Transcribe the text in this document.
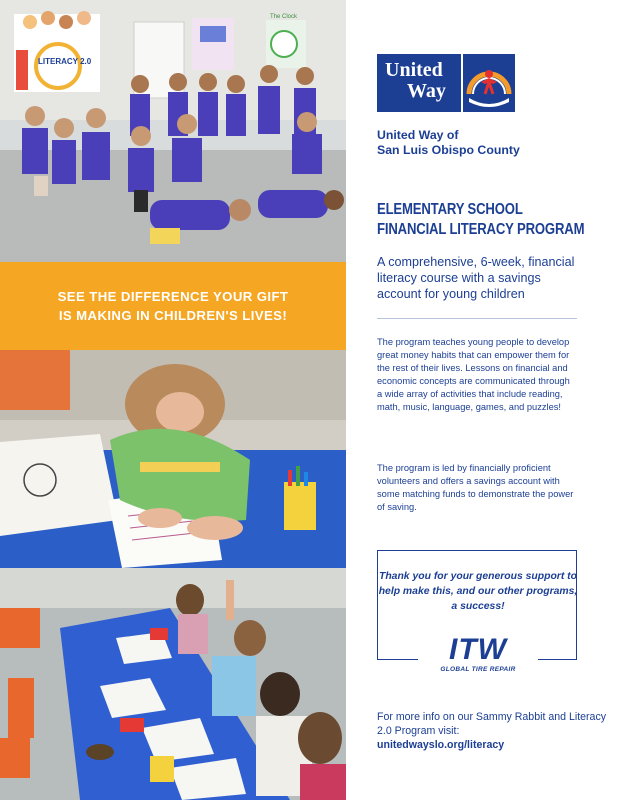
The Clock
LITERACY 2.0
SEE THE DIFFERENCE YOUR GIFT
IS MAKING IN CHILDREN'S LIVES!
United
Way
United Way of
San Luis Obispo County
ELEMENTARY SCHOOL
FINANCIAL LITERACY PROGRAM
A comprehensive, 6-week, financial literacy course with a savings account for young children
The program teaches young people to develop great money habits that can empower them for the rest of their lives. Lessons on financial and economic concepts are communicated through a wide array of activities that include reading, math, music, language, games, and puzzles!
The program is led by financially proficient volunteers and offers a savings account with some matching funds to demonstrate the power of saving.
Thank you for your generous support to help make this, and our other programs, a success!
ITW
GLOBAL TIRE REPAIR
For more info on our Sammy Rabbit and Literacy 2.0 Program visit:
unitedwayslo.org/literacy
